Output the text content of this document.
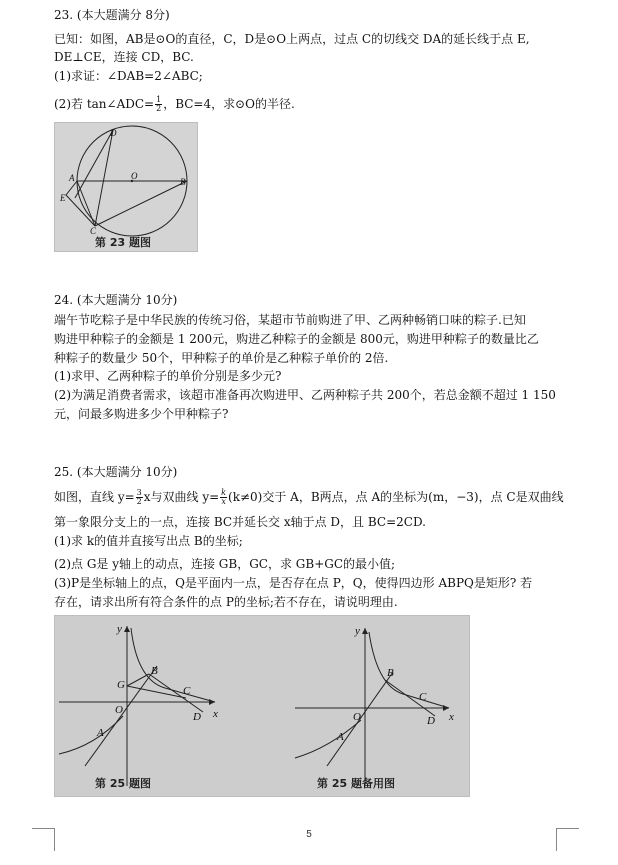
23. (本大题满分 8分)
已知：如图，AB是⊙O的直径，C，D是⊙O上两点，过点 C的切线交 DA的延长线于点 E,
DE⊥CE，连接 CD，BC.
(1)求证：∠DAB=2∠ABC;
(2)若 tan∠ADC= $\frac{1}{2}$ ，BC=4，求⊙O的半径.
D
O
A	B
E
C
第 23 题图
24. (本大题满分 10分)
端午节吃粽子是中华民族的传统习俗，某超市节前购进了甲、乙两种畅销口味的粽子.已知
购进甲种粽子的金额是 1 200元，购进乙种粽子的金额是 800元，购进甲种粽子的数量比乙
种粽子的数量少 50个，甲种粽子的单价是乙种粽子单价的 2倍.
(1)求甲、乙两种粽子的单价分别是多少元?
(2)为满足消费者需求，该超市准备再次购进甲、乙两种粽子共 200个，若总金额不超过 1 150
元，问最多购进多少个甲种粽子?
25. (本大题满分 10分)
如图，直线 $y= \frac{3}{2}$ x与双曲线 $y= \frac{k}{x} (k\ne 0)$交于 A，B两点，点 A的坐标为(m，−3)，点 C是双曲线
第一象限分支上的一点，连接 BC并延长交 x轴于点 D，且 BC=2CD.
(1)求 k的值并直接写出点 B的坐标;
(2)点 G是 y轴上的动点，连接 GB，GC，求 GB+GC的最小值;
(3)P是坐标轴上的点，Q是平面内一点，是否存在点 P，Q，使得四边形 ABPQ是矩形? 若
存在，请求出所有符合条件的点 P的坐标;若不存在，请说明理由.
y
x
O
G
B
C
D
A
y
x
O
B
C
D
A
第 25 题图	第 25 题备用图
5
